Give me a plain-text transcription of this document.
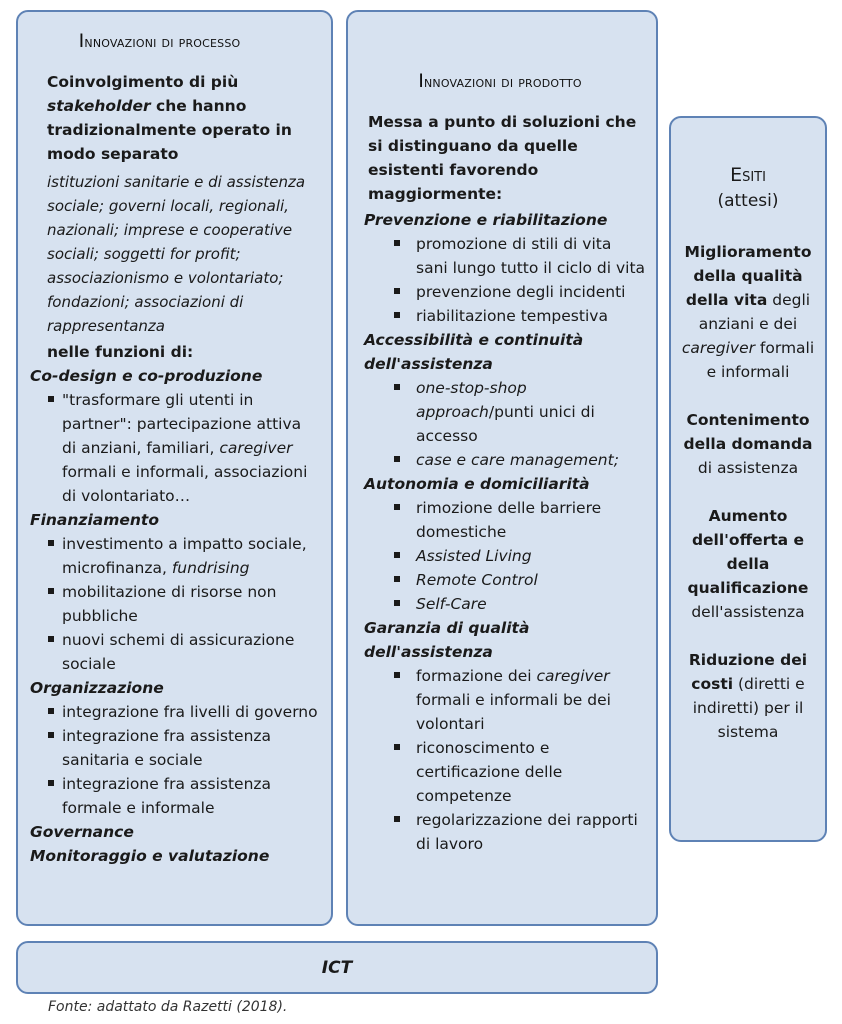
Innovazioni di processo
Coinvolgimento di più stakeholder che hanno tradizionalmente operato in modo separato
istituzioni sanitarie e di assistenza sociale; governi locali, regionali, nazionali; imprese e cooperative sociali; soggetti for profit; associazionismo e volontariato; fondazioni; associazioni di rappresentanza
nelle funzioni di:
Co-design e co-produzione
"trasformare gli utenti in partner": partecipazione attiva di anziani, familiari, caregiver formali e informali, associazioni di volontariato…
Finanziamento
investimento a impatto sociale, microfinanza, fundrising
mobilitazione di risorse non pubbliche
nuovi schemi di assicurazione sociale
Organizzazione
integrazione fra livelli di governo
integrazione fra assistenza sanitaria e sociale
integrazione fra assistenza formale e informale
Governance
Monitoraggio e valutazione
Innovazioni di prodotto
Messa a punto di soluzioni che si distinguano da quelle esistenti favorendo maggiormente:
Prevenzione e riabilitazione
promozione di stili di vita sani lungo tutto il ciclo di vita
prevenzione degli incidenti
riabilitazione tempestiva
Accessibilità e continuità dell'assistenza
one-stop-shop approach/punti unici di accesso
case e care management;
Autonomia e domiciliarità
rimozione delle barriere domestiche
Assisted Living
Remote Control
Self-Care
Garanzia di qualità dell'assistenza
formazione dei caregiver formali e informali be dei volontari
riconoscimento e certificazione delle competenze
regolarizzazione dei rapporti di lavoro
Esiti
(attesi)
Miglioramento della qualità della vita degli anziani e dei caregiver formali e informali
Contenimento della domanda di assistenza
Aumento dell'offerta e della qualificazione dell'assistenza
Riduzione dei costi (diretti e indiretti) per il sistema
ICT
Fonte: adattato da Razetti (2018).
